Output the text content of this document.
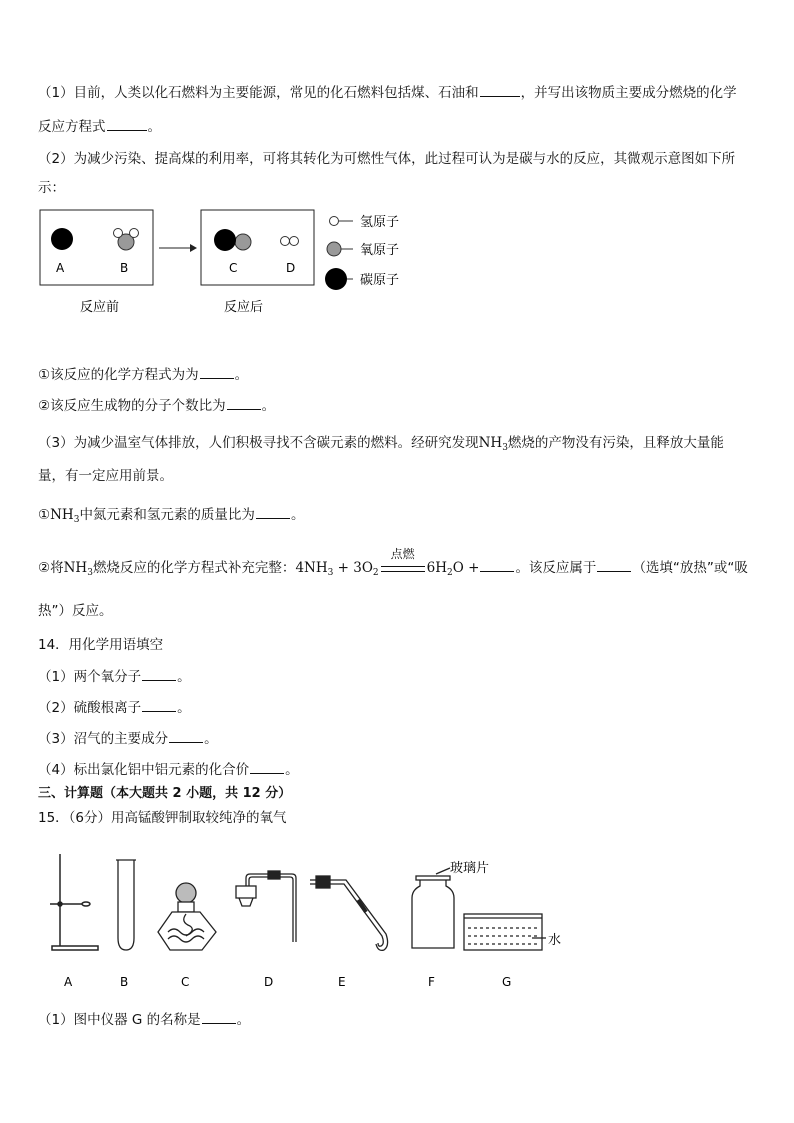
（1）目前，人类以化石燃料为主要能源，常见的化石燃料包括煤、石油和	，并写出该物质主要成分燃烧的化学
反应方程式	。
（2）为减少污染、提高煤的利用率，可将其转化为可燃性气体，此过程可认为是碳与水的反应，其微观示意图如下所
示：
A	B	C	D
反应前	反应后
氢原子
氧原子
碳原子
①该反应的化学方程式为为	。
②该反应生成物的分子个数比为	。
（3）为减少温室气体排放，人们积极寻找不含碳元素的燃料。经研究发现$NH_3$燃烧的产物没有污染，且释放大量能
量，有一定应用前景。
$①NH_3$中氮元素和氢元素的质量比为	。
②将$NH_3$燃烧反应的化学方程式补充完整：$4NH_3 + 3O_2$
点燃
$6H_2O$ +	。该反应属于	（选填“放热”或“吸
热”）反应。
14．用化学用语填空
（1）两个氧分子	。
（2）硫酸根离子	。
（3）沼气的主要成分	。
（4）标出氯化铝中铝元素的化合价	。
三、计算题（本大题共 2 小题，共 12 分）
15．（6分）用高锰酸钾制取较纯净的氧气
玻璃片
水
A	B	C	D	E	F	G
（1）图中仪器 G 的名称是	。
